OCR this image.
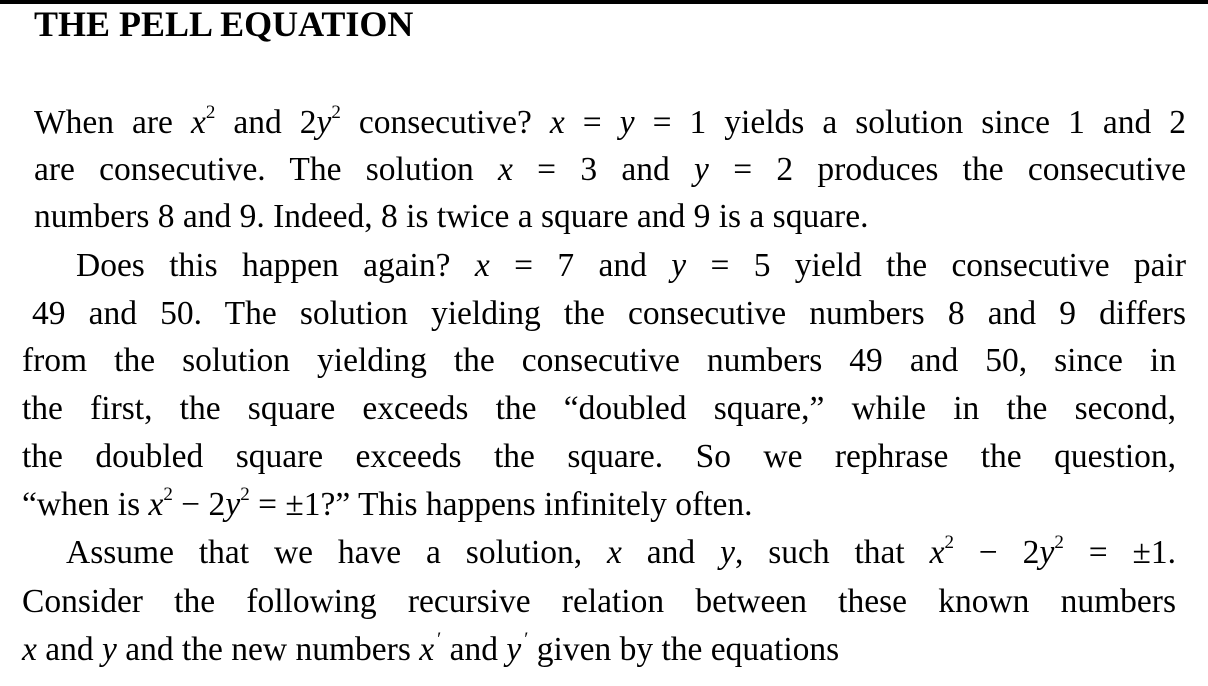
THE PELL EQUATION
When are $x^2$ and $2y^2$ consecutive? x = y = 1 yields a solution since 1 and 2
are consecutive. The solution x = 3 and y = 2 produces the consecutive
numbers 8 and 9. Indeed, 8 is twice a square and 9 is a square.
Does this happen again? x = 7 and y = 5 yield the consecutive pair
49 and 50. The solution yielding the consecutive numbers 8 and 9 differs
from the solution yielding the consecutive numbers 49 and 50, since in
the first, the square exceeds the “doubled square,” while in the second,
the doubled square exceeds the square. So we rephrase the question,
“when is $x^2 - 2y^2 = \pm 1$?” This happens infinitely often.
Assume that we have a solution, x and y, such that $x^2 - 2y^2 = \pm 1$.
Consider the following recursive relation between these known numbers
x and y and the new numbers x ′ and y ′ given by the equations
